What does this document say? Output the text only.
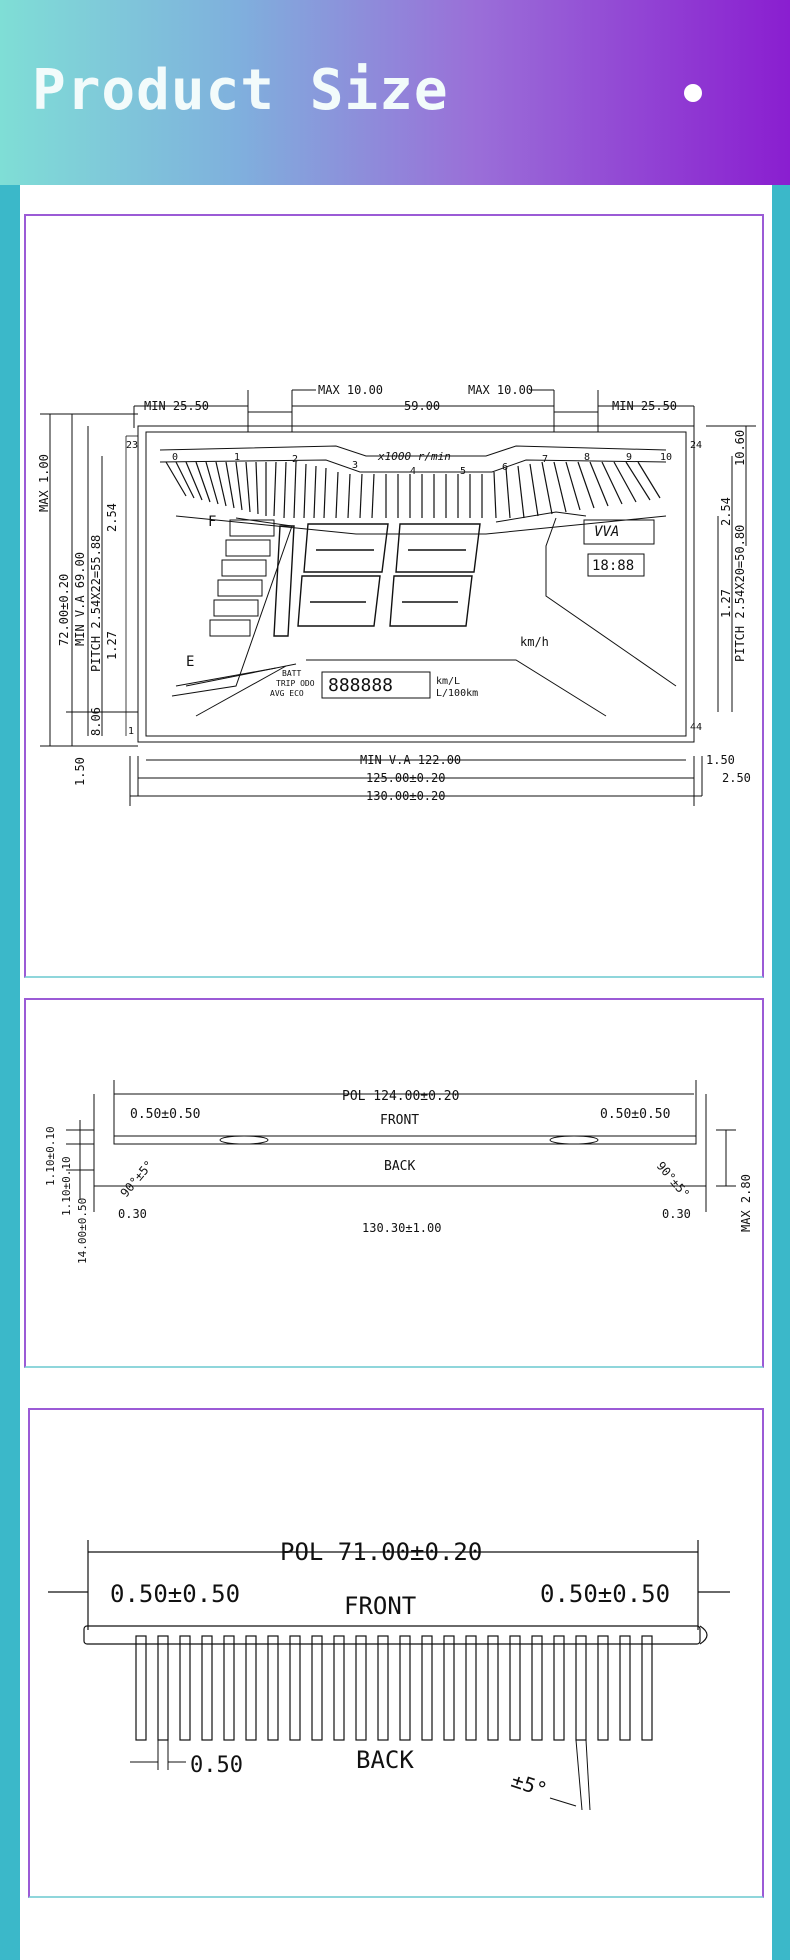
Product Size
MIN 25.50
MAX 10.00
59.00
MAX 10.00
MIN 25.50
MIN V.A 122.00
125.00±0.20
130.00±0.20
1.50
2.50
23
1
24
44
x1000 r/min
0	1	2
3
4	5	6
7	8	9	10
km/h
F
E
VVA
18:88
888888	km/L
L/100km
BATT
TRIP ODO
AVG ECO
MAX 1.00
72.00±0.20 MIN V.A 69.00 PITCH 2.54X22=55.88
2.54
1.27
8.06
1.50
10.60
PITCH 2.54X20=50.80
2.54
1.27
POL 124.00±0.20
0.50±0.50	0.50±0.50
FRONT
BACK
90°±5°	90°±5°
0.30	0.30
130.30±1.00
1.10±0.10
1.10±0.10
14.00±0.50	MAX 2.80
POL 71.00±0.20
0.50±0.50	0.50±0.50
FRONT
BACK
0.50
±5°
